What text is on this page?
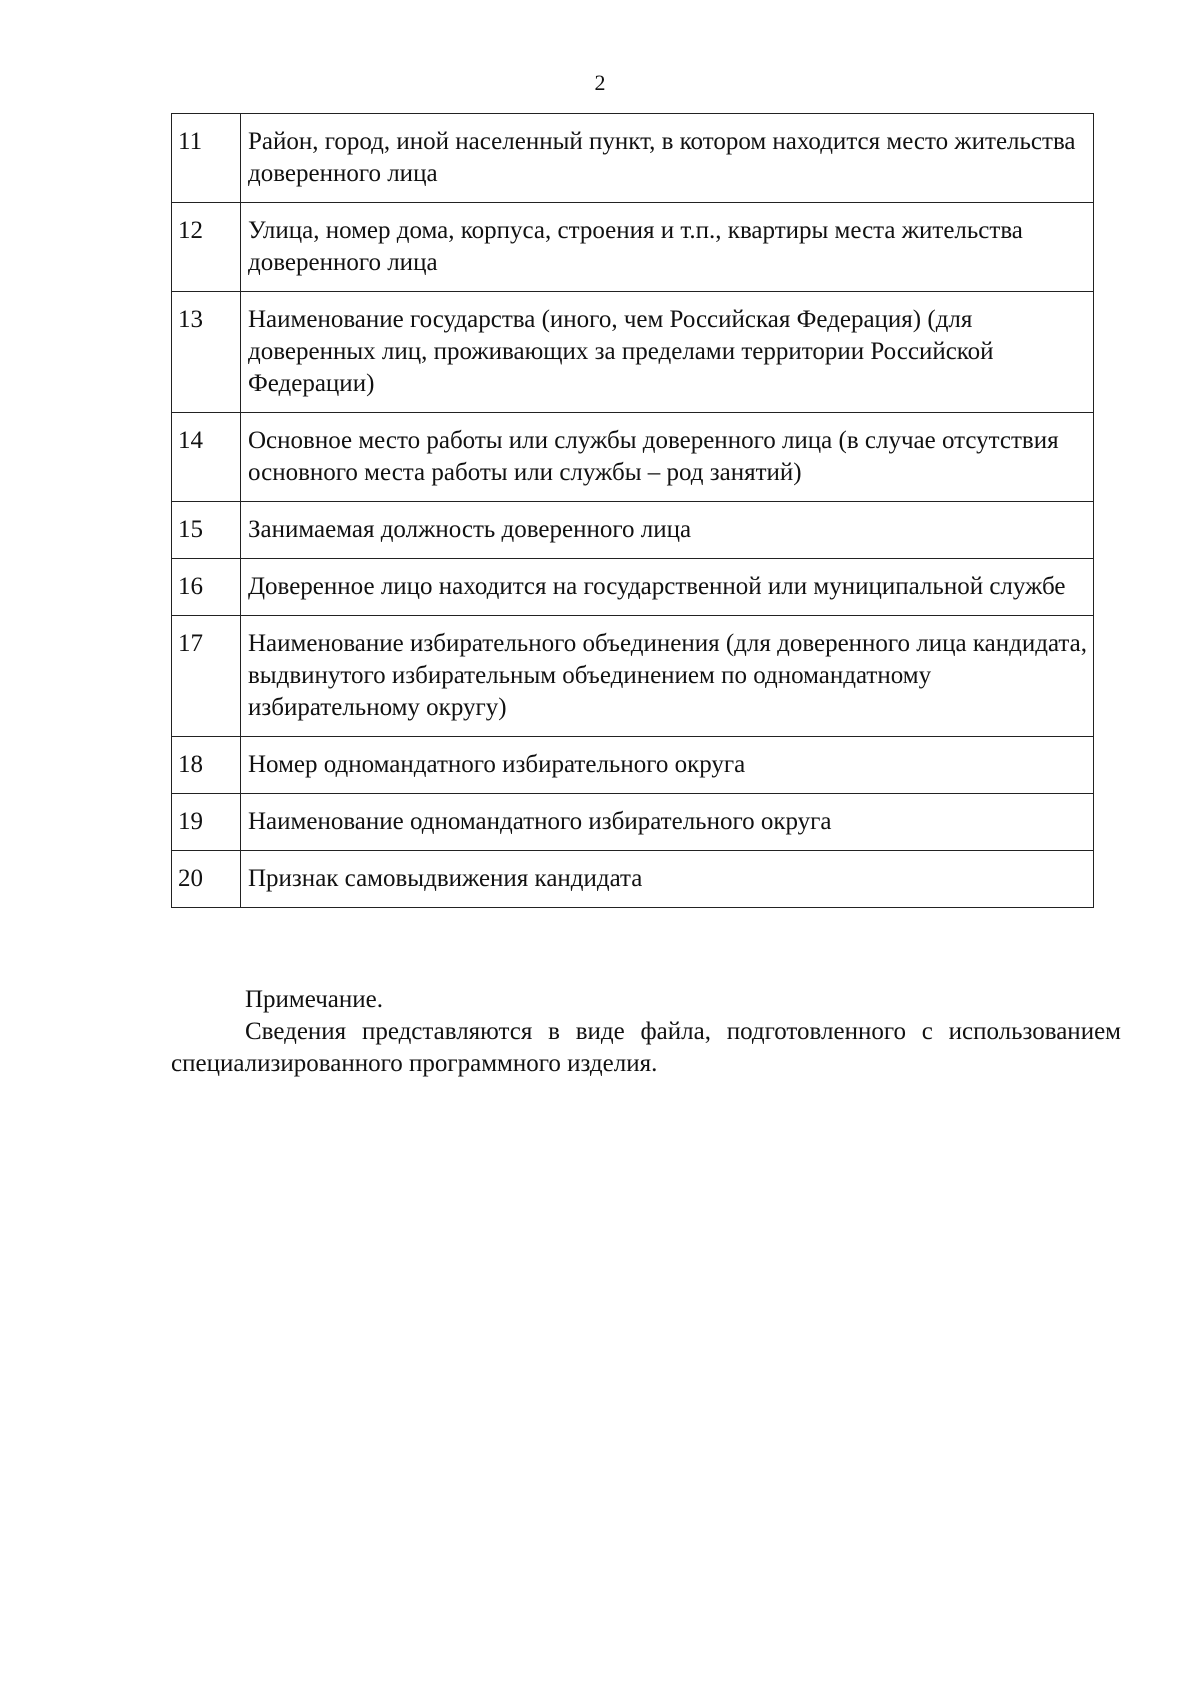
2
11	Район, город, иной населенный пункт, в котором находится место жительства доверенного лица
12	Улица, номер дома, корпуса, строения и т.п., квартиры места жительства доверенного лица
13	Наименование государства (иного, чем Российская Федерация) (для доверенных лиц, проживающих за пределами территории Российской Федерации)
14	Основное место работы или службы доверенного лица (в случае отсутствия основного места работы или службы – род занятий)
15	Занимаемая должность доверенного лица
16	Доверенное лицо находится на государственной или муниципальной службе
17	Наименование избирательного объединения (для доверенного лица кандидата, выдвинутого избирательным объединением по одномандатному избирательному округу)
18	Номер одномандатного избирательного округа
19	Наименование одномандатного избирательного округа
20	Признак самовыдвижения кандидата
Примечание.
Сведения представляются в виде файла, подготовленного с использованием специализированного программного изделия.
